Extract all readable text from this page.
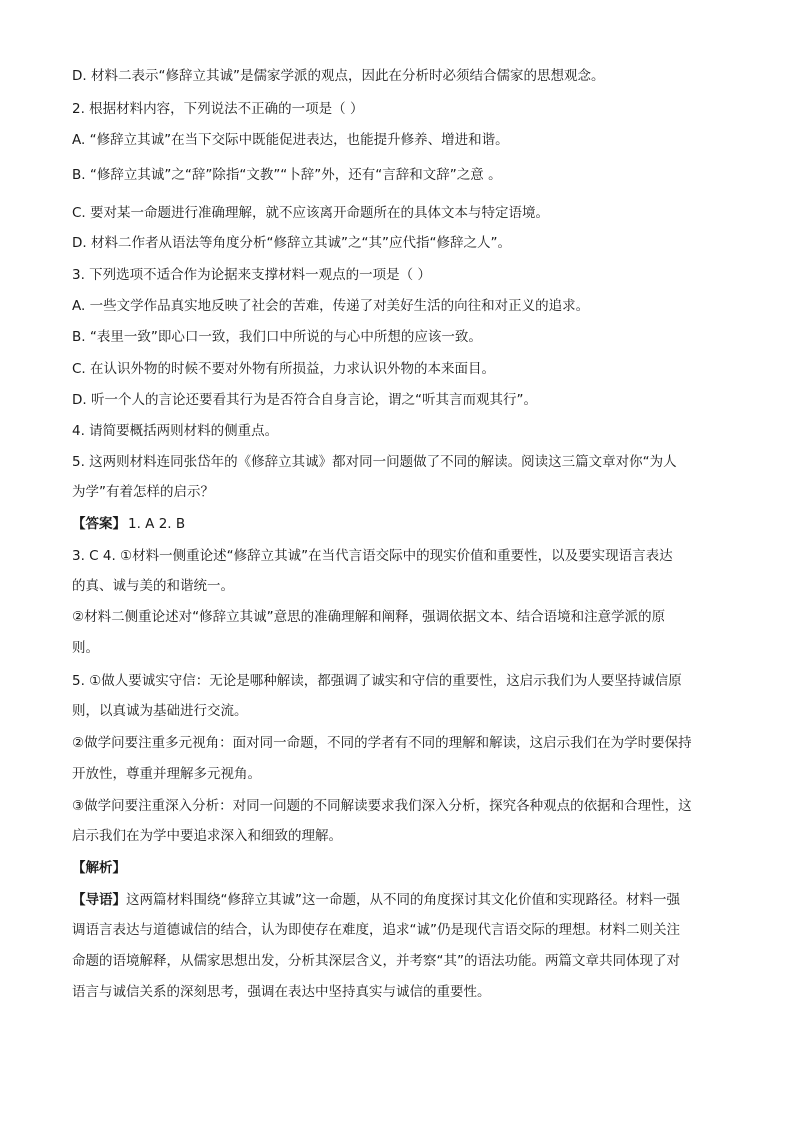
D. 材料二表示“修辞立其诚”是儒家学派的观点，因此在分析时必须结合儒家的思想观念。
2. 根据材料内容，下列说法不正确的一项是（ ）
A. “修辞立其诚”在当下交际中既能促进表达，也能提升修养、增进和谐。
B. “修辞立其诚”之“辞”除指“文教”“卜辞”外，还有“言辞和文辞”之意 。
C. 要对某一命题进行准确理解，就不应该离开命题所在的具体文本与特定语境。
D. 材料二作者从语法等角度分析“修辞立其诚”之“其”应代指“修辞之人”。
3. 下列选项不适合作为论据来支撑材料一观点的一项是（ ）
A. 一些文学作品真实地反映了社会的苦难，传递了对美好生活的向往和对正义的追求。
B. “表里一致”即心口一致，我们口中所说的与心中所想的应该一致。
C. 在认识外物的时候不要对外物有所损益，力求认识外物的本来面目。
D. 听一个人的言论还要看其行为是否符合自身言论，谓之“听其言而观其行”。
4. 请简要概括两则材料的侧重点。
5. 这两则材料连同张岱年的《修辞立其诚》都对同一问题做了不同的解读。阅读这三篇文章对你“为人
为学”有着怎样的启示？
【答案】 1. A 2. B
3. C 4. ①材料一侧重论述“修辞立其诚”在当代言语交际中的现实价值和重要性，以及要实现语言表达
的真、诚与美的和谐统一。
②材料二侧重论述对“修辞立其诚”意思的准确理解和阐释，强调依据文本、结合语境和注意学派的原
则。
5. ①做人要诚实守信：无论是哪种解读，都强调了诚实和守信的重要性，这启示我们为人要坚持诚信原
则，以真诚为基础进行交流。
②做学问要注重多元视角：面对同一命题，不同的学者有不同的理解和解读，这启示我们在为学时要保持
开放性，尊重并理解多元视角。
③做学问要注重深入分析：对同一问题的不同解读要求我们深入分析，探究各种观点的依据和合理性，这
启示我们在为学中要追求深入和细致的理解。
【解析】
【导语】这两篇材料围绕“修辞立其诚”这一命题，从不同的角度探讨其文化价值和实现路径。材料一强
调语言表达与道德诚信的结合，认为即使存在难度，追求“诚”仍是现代言语交际的理想。材料二则关注
命题的语境解释，从儒家思想出发，分析其深层含义，并考察“其”的语法功能。两篇文章共同体现了对
语言与诚信关系的深刻思考，强调在表达中坚持真实与诚信的重要性。
